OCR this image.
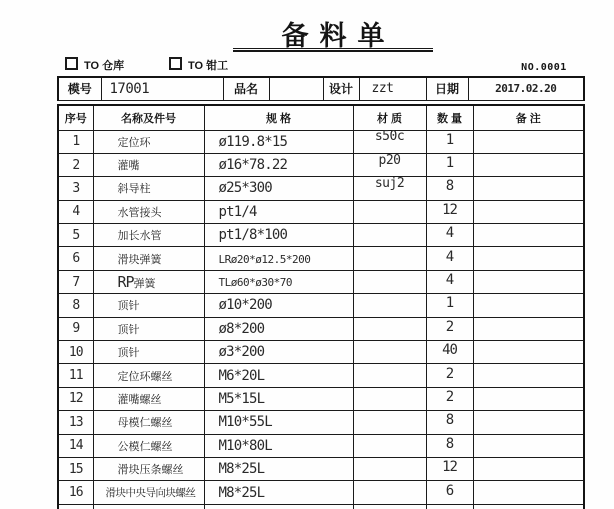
备料单
TO 仓库	TO 钳工	NO.0001
模号	17001	品名		设计	zzt	日期	2017.02.20
序号	名称及件号	规 格	材 质	数 量	备 注
1	定位环	ø119.8*15	s50c	1	
2	灌嘴	ø16*78.22	p20	1	
3	斜导柱	ø25*300	suj2	8	
4	水管接头	pt1/4		12	
5	加长水管	pt1/8*100		4	
6	滑块弹簧	LRø20*ø12.5*200		4	
7	RP弹簧	TLø60*ø30*70		4	
8	顶针	ø10*200		1	
9	顶针	ø8*200		2	
10	顶针	ø3*200		40	
11	定位环螺丝	M6*20L		2	
12	灌嘴螺丝	M5*15L		2	
13	母模仁螺丝	M10*55L		8	
14	公模仁螺丝	M10*80L		8	
15	滑块压条螺丝	M8*25L		12	
16	滑块中央导向块螺丝	M8*25L		6	
